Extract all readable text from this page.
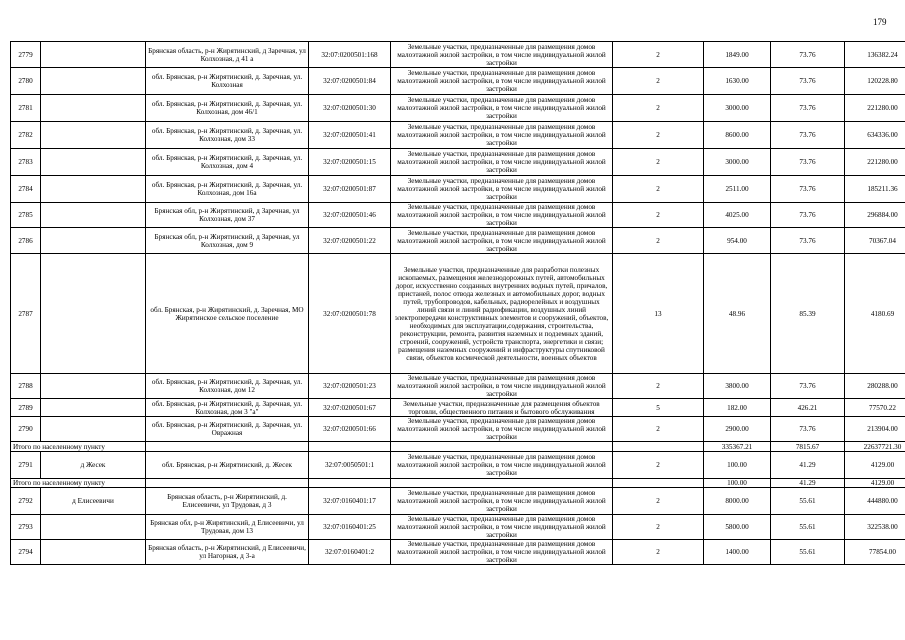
179
2779		Брянская область, р-н Жирятинский, д Заречная, ул Колхозная, д 41 а	32:07:0200501:168	Земельные участки, предназначенные для размещения домов малоэтажной жилой застройки, в том числе индивидуальной жилой застройки	2	1849.00	73.76	136382.24
2780		обл. Брянская, р-н Жирятинский, д. Заречная, ул. Колхозная	32:07:0200501:84	Земельные участки, предназначенные для размещения домов малоэтажной жилой застройки, в том числе индивидуальной жилой застройки	2	1630.00	73.76	120228.80
2781		обл. Брянская, р-н Жирятинский, д. Заречная, ул. Колхозная, дом 46/1	32:07:0200501:30	Земельные участки, предназначенные для размещения домов малоэтажной жилой застройки, в том числе индивидуальной жилой застройки	2	3000.00	73.76	221280.00
2782		обл. Брянская, р-н Жирятинский, д. Заречная, ул. Колхозная, дом 33	32:07:0200501:41	Земельные участки, предназначенные для размещения домов малоэтажной жилой застройки, в том числе индивидуальной жилой застройки	2	8600.00	73.76	634336.00
2783		обл. Брянская, р-н Жирятинский, д. Заречная, ул. Колхозная, дом 4	32:07:0200501:15	Земельные участки, предназначенные для размещения домов малоэтажной жилой застройки, в том числе индивидуальной жилой застройки	2	3000.00	73.76	221280.00
2784		обл. Брянская, р-н Жирятинский, д. Заречная, ул. Колхозная, дом 16а	32:07:0200501:87	Земельные участки, предназначенные для размещения домов малоэтажной жилой застройки, в том числе индивидуальной жилой застройки	2	2511.00	73.76	185211.36
2785		Брянская обл, р-н Жирятинский, д Заречная, ул Колхозная, дом 37	32:07:0200501:46	Земельные участки, предназначенные для размещения домов малоэтажной жилой застройки, в том числе индивидуальной жилой застройки	2	4025.00	73.76	296884.00
2786		Брянская обл, р-н Жирятинский, д Заречная, ул Колхозная, дом 9	32:07:0200501:22	Земельные участки, предназначенные для размещения домов малоэтажной жилой застройки, в том числе индивидуальной жилой застройки	2	954.00	73.76	70367.04
2787		обл. Брянская, р-н Жирятинский, д. Заречная, МО Жирятинское сельское поселение	32:07:0200501:78	Земельные участки, предназначенные для разработки полезных ископаемых, размещения железнодорожных путей, автомобильных дорог, искусственно созданных внутренних водных путей, причалов, пристаней, полос отвода железных и автомобильных дорог, водных путей, трубопроводов, кабельных, радиорелейных и воздушных линий связи и линий радиофикации, воздушных линий электропередачи конструктивных элементов и сооружений, объектов, необходимых для эксплуатации,содержания, строительства, реконструкции, ремонта, развития наземных и подземных зданий, строений, сооружений, устройств транспорта, энергетики и связи; размещения наземных сооружений и инфраструктуры спутниковой связи, объектов космической деятельности, военных объектов	13	48.96	85.39	4180.69
2788		обл. Брянская, р-н Жирятинский, д. Заречная, ул. Колхозная, дом 12	32:07:0200501:23	Земельные участки, предназначенные для размещения домов малоэтажной жилой застройки, в том числе индивидуальной жилой застройки	2	3800.00	73.76	280288.00
2789		обл. Брянская, р-н Жирятинский, д. Заречная, ул. Колхозная, дом 3 "а"	32:07:0200501:67	Земельные участки, предназначенные для размещения объектов торговли, общественного питания и бытового обслуживания	5	182.00	426.21	77570.22
2790		обл. Брянская, р-н Жирятинский, д. Заречная, ул. Овражная	32:07:0200501:66	Земельные участки, предназначенные для размещения домов малоэтажной жилой застройки, в том числе индивидуальной жилой застройки	2	2900.00	73.76	213904.00
Итого по населенному пункту						335367.21	7815.67	22637721.30
2791	д Жесек	обл. Брянская, р-н Жирятинский, д. Жесек	32:07:0050501:1	Земельные участки, предназначенные для размещения домов малоэтажной жилой застройки, в том числе индивидуальной жилой застройки	2	100.00	41.29	4129.00
Итого по населенному пункту						100.00	41.29	4129.00
2792	д Елисеевичи	Брянская область, р-н Жирятинский, д. Елисеевичи, ул Трудовая, д 3	32:07:0160401:17	Земельные участки, предназначенные для размещения домов малоэтажной жилой застройки, в том числе индивидуальной жилой застройки	2	8000.00	55.61	444880.00
2793		Брянская обл, р-н Жирятинский, д Елисеевичи, ул Трудовая, дом 13	32:07:0160401:25	Земельные участки, предназначенные для размещения домов малоэтажной жилой застройки, в том числе индивидуальной жилой застройки	2	5800.00	55.61	322538.00
2794		Брянская область, р-н Жирятинский, д Елисеевичи, ул Нагорная, д 3-а	32:07:0160401:2	Земельные участки, предназначенные для размещения домов малоэтажной жилой застройки, в том числе индивидуальной жилой застройки	2	1400.00	55.61	77854.00
